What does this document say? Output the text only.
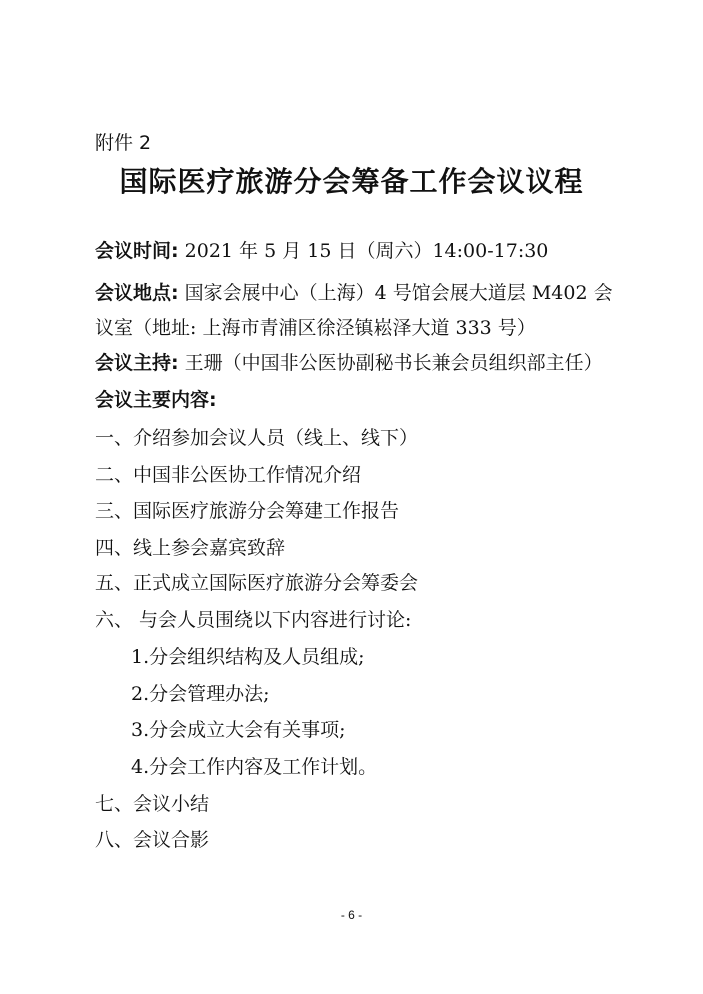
附件 2
国际医疗旅游分会筹备工作会议议程
会议时间: 2021 年 5 月 15 日（周六）14:00-17:30
会议地点: 国家会展中心（上海）4 号馆会展大道层 M402 会
议室（地址: 上海市青浦区徐泾镇崧泽大道 333 号）
会议主持: 王珊（中国非公医协副秘书长兼会员组织部主任）
会议主要内容:
一、介绍参加会议人员（线上、线下）
二、中国非公医协工作情况介绍
三、国际医疗旅游分会筹建工作报告
四、线上参会嘉宾致辞
五、正式成立国际医疗旅游分会筹委会
六、 与会人员围绕以下内容进行讨论:
1.分会组织结构及人员组成;
2.分会管理办法;
3.分会成立大会有关事项;
4.分会工作内容及工作计划。
七、会议小结
八、会议合影
- 6 -
